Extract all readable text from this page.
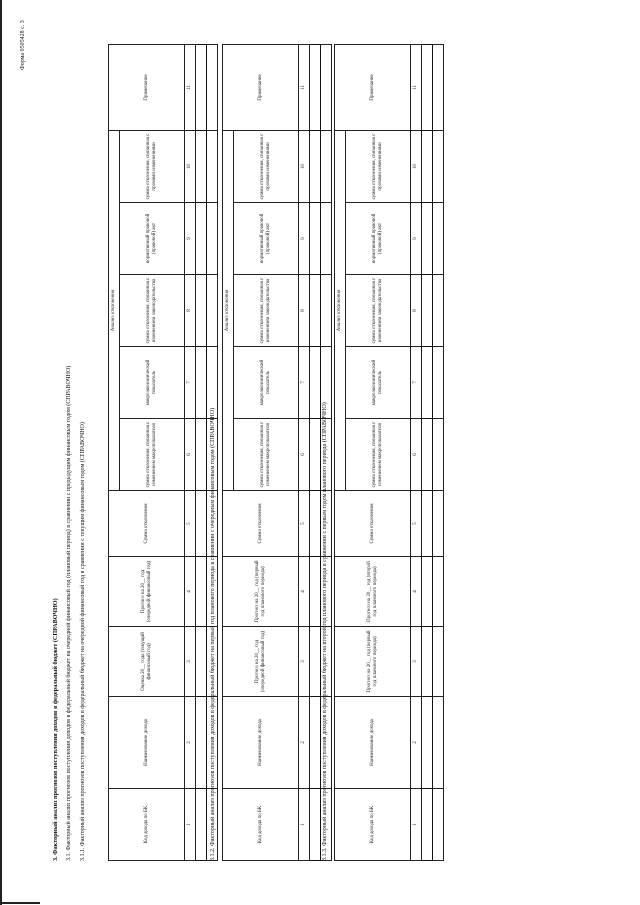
Форма 0505428 с. 3
3. Факторный анализ прогнозов поступления доходов в федеральный бюджет (СПРАВОЧНО) 3.1. Факторный анализ прогнозов поступления доходов в федеральный бюджет на очередной финансовый год (плановый период) в сравнении с предыдущим финансовым годом (СПРАВОЧНО) 3.1.1. Факторный анализ прогнозов поступления доходов в федеральный бюджет на очередной финансовый год в сравнении с текущим финансовым годом (СПРАВОЧНО)	Код дохода по БК	Наименование дохода	Оценка 20__ года (текущий финансовый год)	Прогноз на 20__ год (очередной финансовый год)	Сумма отклонения	Анализ отклонения					Примечание
					сумма отклонения, связанная с изменением макропоказателя	макроэкономический показатель	сумма отклонения, связанная с изменением законодательства	нормативный правовой (правовой) акт	сумма отклонения, связанная с прочими изменениями	
1	2	3	4	5	6	7	8	9	10	11

3.1.2. Факторный анализ прогнозов поступления доходов в федеральный бюджет на первый год планового периода в сравнении с очередным финансовым годом (СПРАВОЧНО)	Код дохода по БК	Наименование дохода	Прогноз на 20__ год (очередной финансовый год)	Прогноз на 20__ год (первый год планового периода)	Сумма отклонения	Анализ отклонения					Примечание
					сумма отклонения, связанная с изменением макропоказателя	макроэкономический показатель	сумма отклонения, связанная с изменением законодательства	нормативный правовой (правовой) акт	сумма отклонения, связанная с прочими изменениями	
1	2	3	4	5	6	7	8	9	10	11

3.1.3. Факторный анализ прогнозов поступления доходов в федеральный бюджет на второй год планового периода в сравнении с первым годом планового периода (СПРАВОЧНО)	Код дохода по БК	Наименование дохода	Прогноз на 20__ год (первый год планового периода)	Прогноз на 20__ год (второй год планового периода)	Сумма отклонения	Анализ отклонения					Примечание
					сумма отклонения, связанная с изменением макропоказателя	макроэкономический показатель	сумма отклонения, связанная с изменением законодательства	нормативный правовой (правовой) акт	сумма отклонения, связанная с прочими изменениями	
1	2	3	4	5	6	7	8	9	10	11
